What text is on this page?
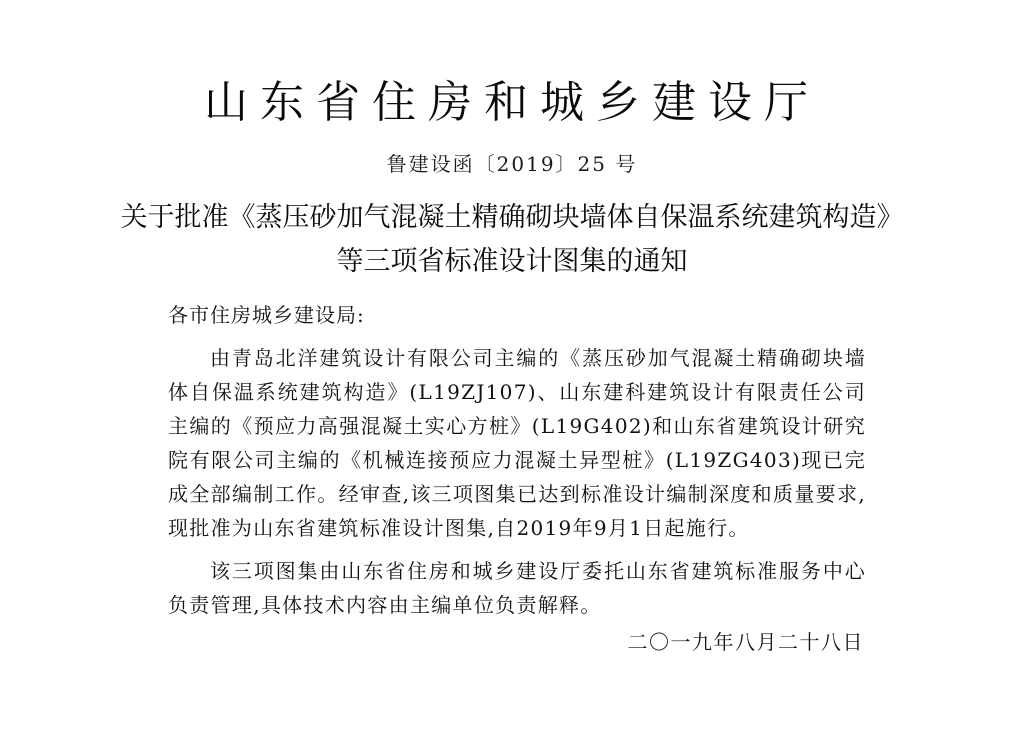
山东省住房和城乡建设厅
鲁建设函〔2019〕25 号
关于批准《蒸压砂加气混凝土精确砌块墙体自保温系统建筑构造》
等三项省标准设计图集的通知
各市住房城乡建设局:

由青岛北洋建筑设计有限公司主编的《蒸压砂加气混凝土精确砌块墙体自保温系统建筑构造》(L19ZJ107)、山东建科建筑设计有限责任公司主编的《预应力高强混凝土实心方桩》(L19G402)和山东省建筑设计研究院有限公司主编的《机械连接预应力混凝土异型桩》(L19ZG403)现已完成全部编制工作。经审查,该三项图集已达到标准设计编制深度和质量要求,现批准为山东省建筑标准设计图集,自2019年9月1日起施行。

该三项图集由山东省住房和城乡建设厅委托山东省建筑标准服务中心负责管理,具体技术内容由主编单位负责解释。

二〇一九年八月二十八日
